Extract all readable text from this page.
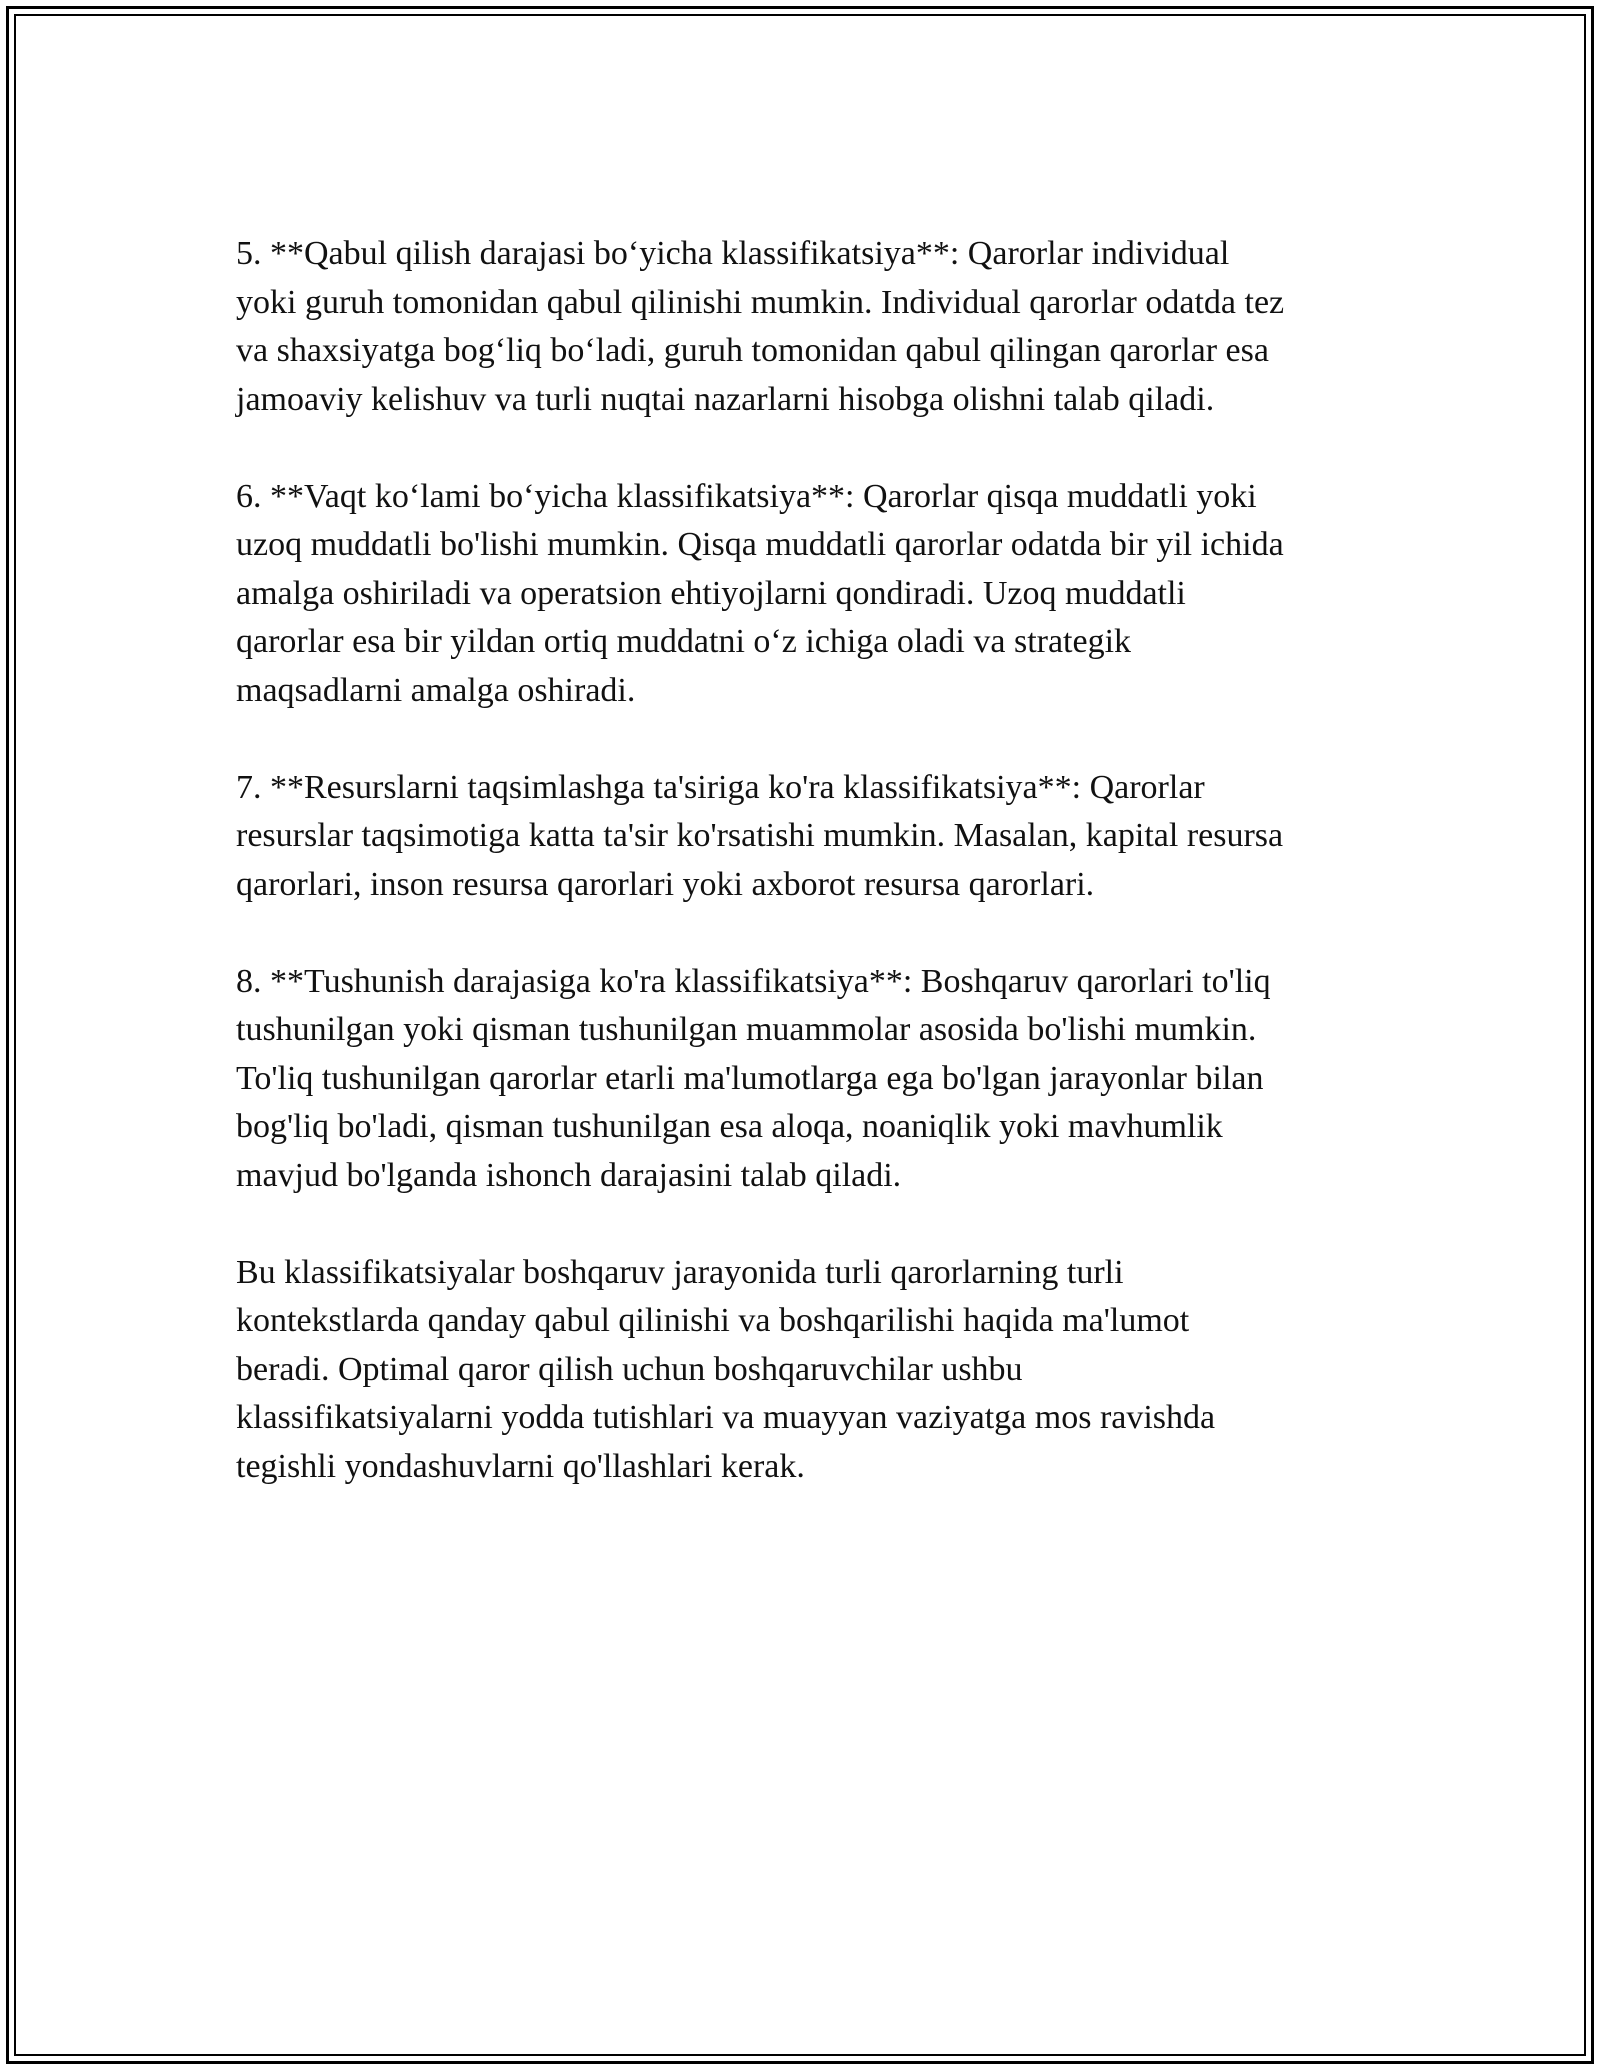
5. **Qabul qilish darajasi bo‘yicha klassifikatsiya**: Qarorlar individual
yoki guruh tomonidan qabul qilinishi mumkin. Individual qarorlar odatda tez
va shaxsiyatga bog‘liq bo‘ladi, guruh tomonidan qabul qilingan qarorlar esa
jamoaviy kelishuv va turli nuqtai nazarlarni hisobga olishni talab qiladi.

6. **Vaqt ko‘lami bo‘yicha klassifikatsiya**: Qarorlar qisqa muddatli yoki
uzoq muddatli bo'lishi mumkin. Qisqa muddatli qarorlar odatda bir yil ichida
amalga oshiriladi va operatsion ehtiyojlarni qondiradi. Uzoq muddatli
qarorlar esa bir yildan ortiq muddatni o‘z ichiga oladi va strategik
maqsadlarni amalga oshiradi.

7. **Resurslarni taqsimlashga ta'siriga ko'ra klassifikatsiya**: Qarorlar
resurslar taqsimotiga katta ta'sir ko'rsatishi mumkin. Masalan, kapital resursa
qarorlari, inson resursa qarorlari yoki axborot resursa qarorlari.

8. **Tushunish darajasiga ko'ra klassifikatsiya**: Boshqaruv qarorlari to'liq
tushunilgan yoki qisman tushunilgan muammolar asosida bo'lishi mumkin.
To'liq tushunilgan qarorlar etarli ma'lumotlarga ega bo'lgan jarayonlar bilan
bog'liq bo'ladi, qisman tushunilgan esa aloqa, noaniqlik yoki mavhumlik
mavjud bo'lganda ishonch darajasini talab qiladi.

Bu klassifikatsiyalar boshqaruv jarayonida turli qarorlarning turli
kontekstlarda qanday qabul qilinishi va boshqarilishi haqida ma'lumot
beradi. Optimal qaror qilish uchun boshqaruvchilar ushbu
klassifikatsiyalarni yodda tutishlari va muayyan vaziyatga mos ravishda
tegishli yondashuvlarni qo'llashlari kerak.
